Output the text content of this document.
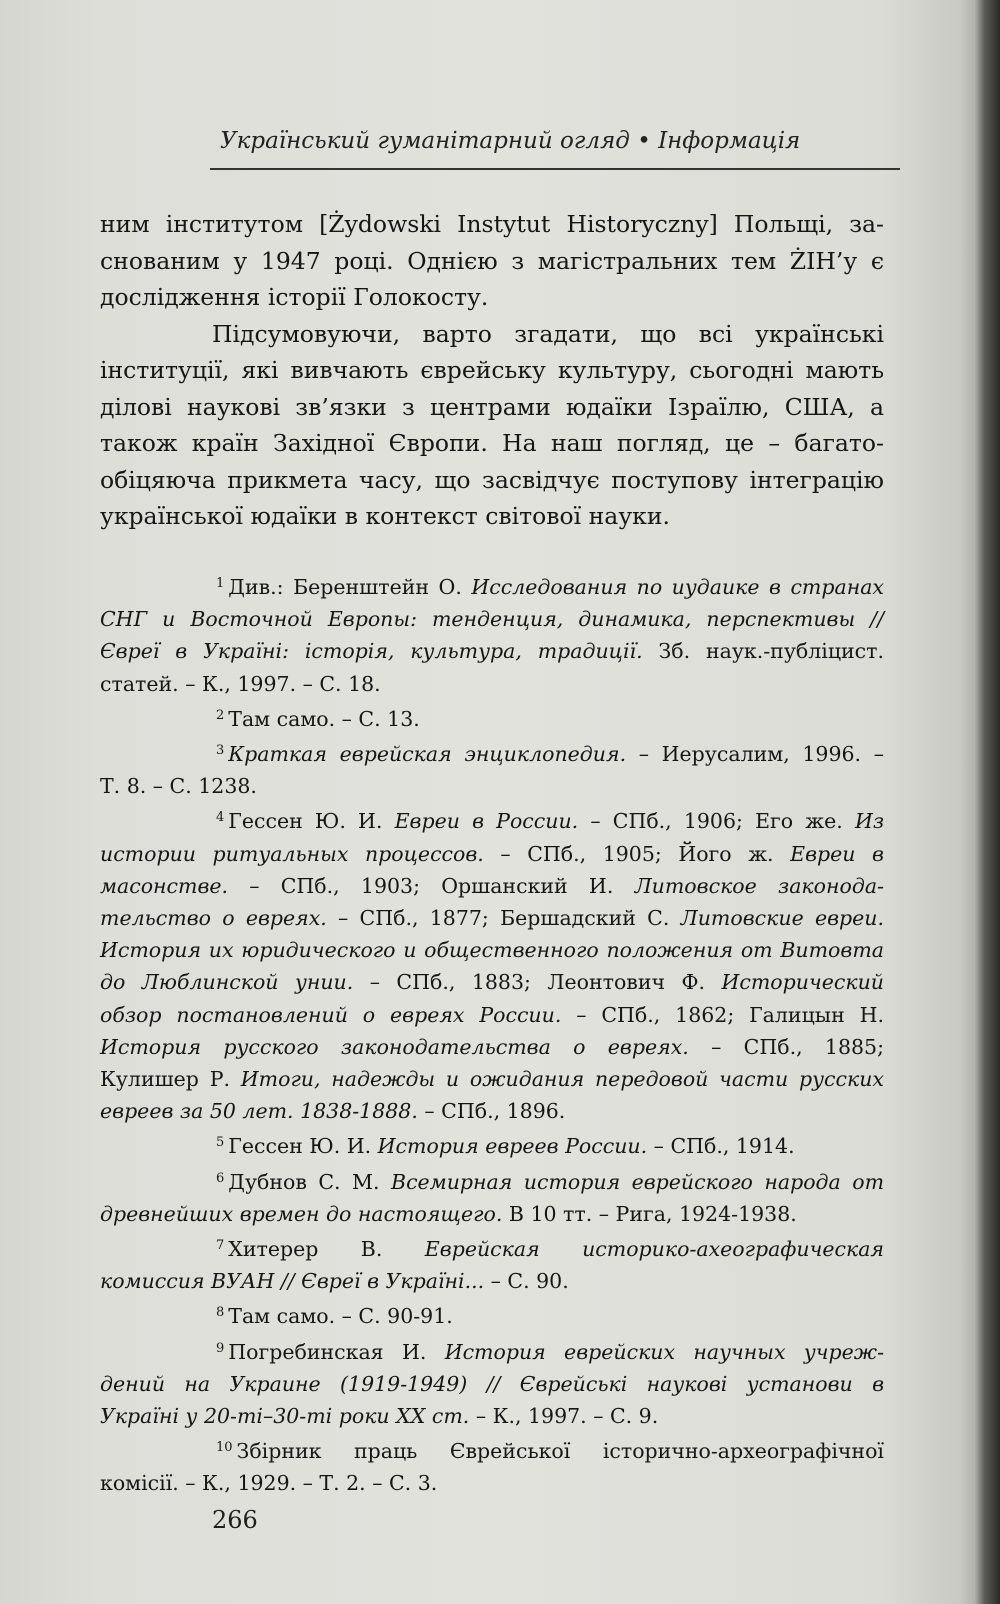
Український гуманітарний огляд • Інформація
ним інститутом [Żydowski Instytut Historyczny] Польщі, за-
снованим у 1947 році. Однією з магістральних тем ŻIH’у є
дослідження історії Голокосту.
Підсумовуючи, варто згадати, що всі українські
інституції, які вивчають єврейську культуру, сьогодні мають
ділові наукові зв’язки з центрами юдаїки Ізраїлю, США, а
також країн Західної Європи. На наш погляд, це – багато-
обіцяюча прикмета часу, що засвідчує поступову інтеграцію
української юдаїки в контекст світової науки.
$^1$ Див.: Беренштейн О. Исследования по иудаике в странах
СНГ и Восточной Европы: тенденция, динамика, перспективы //
Євреї в Україні: історія, культура, традиції. Зб. наук.-публіцист.
статей. – К., 1997. – С. 18.
$^2$ Там само. – С. 13.
$^3$ Краткая еврейская энциклопедия. – Иерусалим, 1996. –
Т. 8. – С. 1238.
$^4$ Гессен Ю. И. Евреи в России. – СПб., 1906; Его же. Из
истории ритуальных процессов. – СПб., 1905; Його ж. Евреи в
масонстве. – СПб., 1903; Оршанский И. Литовское законода-
тельство о евреях. – СПб., 1877; Бершадский С. Литовские евреи.
История их юридического и общественного положения от Витовта
до Люблинской унии. – СПб., 1883; Леонтович Ф. Исторический
обзор постановлений о евреях России. – СПб., 1862; Галицын Н.
История русского законодательства о евреях. – СПб., 1885;
Кулишер Р. Итоги, надежды и ожидания передовой части русских
евреев за 50 лет. 1838-1888. – СПб., 1896.
$^5$ Гессен Ю. И. История евреев России. – СПб., 1914.
$^6$ Дубнов С. М. Всемирная история еврейского народа от
древнейших времен до настоящего. В 10 тт. – Рига, 1924-1938.
$^7$ Хитерер В. Еврейская историко-ахеографическая
комиссия ВУАН // Євреї в Україні... – С. 90.
$^8$ Там само. – С. 90-91.
$^9$ Погребинская И. История еврейских научных учреж-
дений на Украине (1919-1949) // Єврейські наукові установи в
Україні у 20-ті–30-ті роки ХХ ст. – К., 1997. – С. 9.
$^{10}$ Збірник праць Єврейської історично-археографічної
комісії. – К., 1929. – Т. 2. – С. 3.
266
